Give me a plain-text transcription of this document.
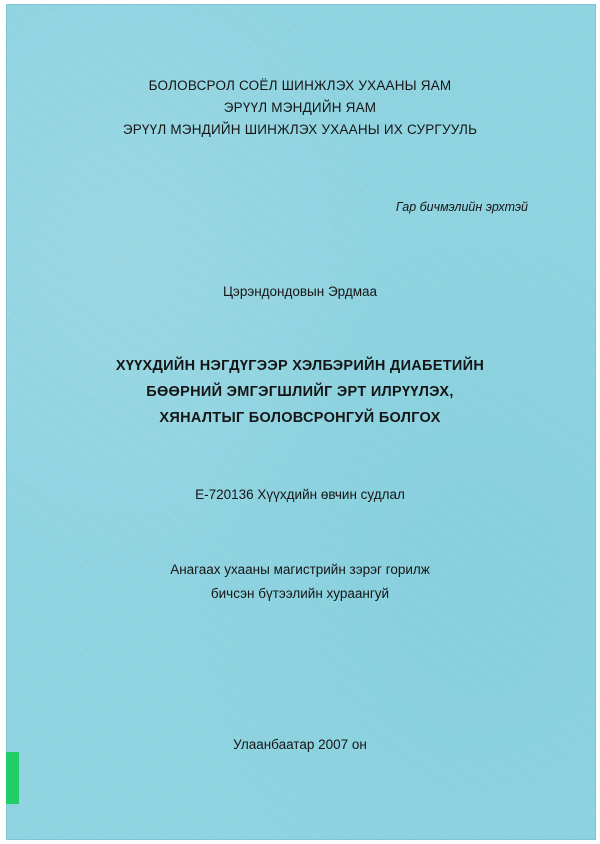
БОЛОВСРОЛ СОЁЛ ШИНЖЛЭХ УХААНЫ ЯАМ
ЭРҮҮЛ МЭНДИЙН ЯАМ
ЭРҮҮЛ МЭНДИЙН ШИНЖЛЭХ УХААНЫ ИХ СУРГУУЛЬ
Гар бичмэлийн эрхтэй
Цэрэндондовын Эрдмаа
ХҮҮХДИЙН НЭГДҮГЭЭР ХЭЛБЭРИЙН ДИАБЕТИЙН
БӨӨРНИЙ ЭМГЭГШЛИЙГ ЭРТ ИЛРҮҮЛЭХ,
ХЯНАЛТЫГ БОЛОВСРОНГУЙ БОЛГОХ
Е-720136 Хүүхдийн өвчин судлал
Анагаах ухааны магистрийн зэрэг горилж
бичсэн бүтээлийн хураангуй
Улаанбаатар 2007 он
